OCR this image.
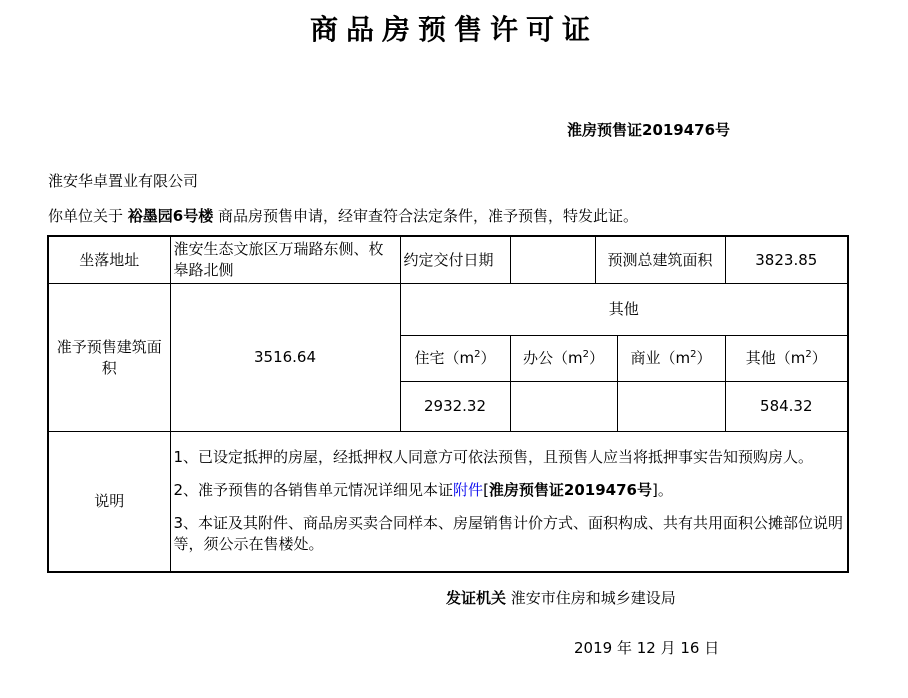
商品房预售许可证
淮房预售证2019476号
淮安华卓置业有限公司
你单位关于 裕墨园6号楼 商品房预售申请，经审查符合法定条件，准予预售，特发此证。
坐落地址	淮安生态文旅区万瑞路东侧、枚皋路北侧	约定交付日期		预测总建筑面积		3823.85
准予预售建筑面积	3516.64	其他				
		住宅$(m^2)$	办公$(m^2)$		商业$(m^2)$	其他$(m^2)$
		2932.32				584.32
说明	1、已设定抵押的房屋，经抵押权人同意方可依法预售，且预售人应当将抵押事实告知预购房人。
2、准予预售的各销售单元情况详细见本证附件[淮房预售证2019476号]。
3、本证及其附件、商品房买卖合同样本、房屋销售计价方式、面积构成、共有共用面积公摊部位说明等，须公示在售楼处。					
发证机关 淮安市住房和城乡建设局
2019 年 12 月 16 日
